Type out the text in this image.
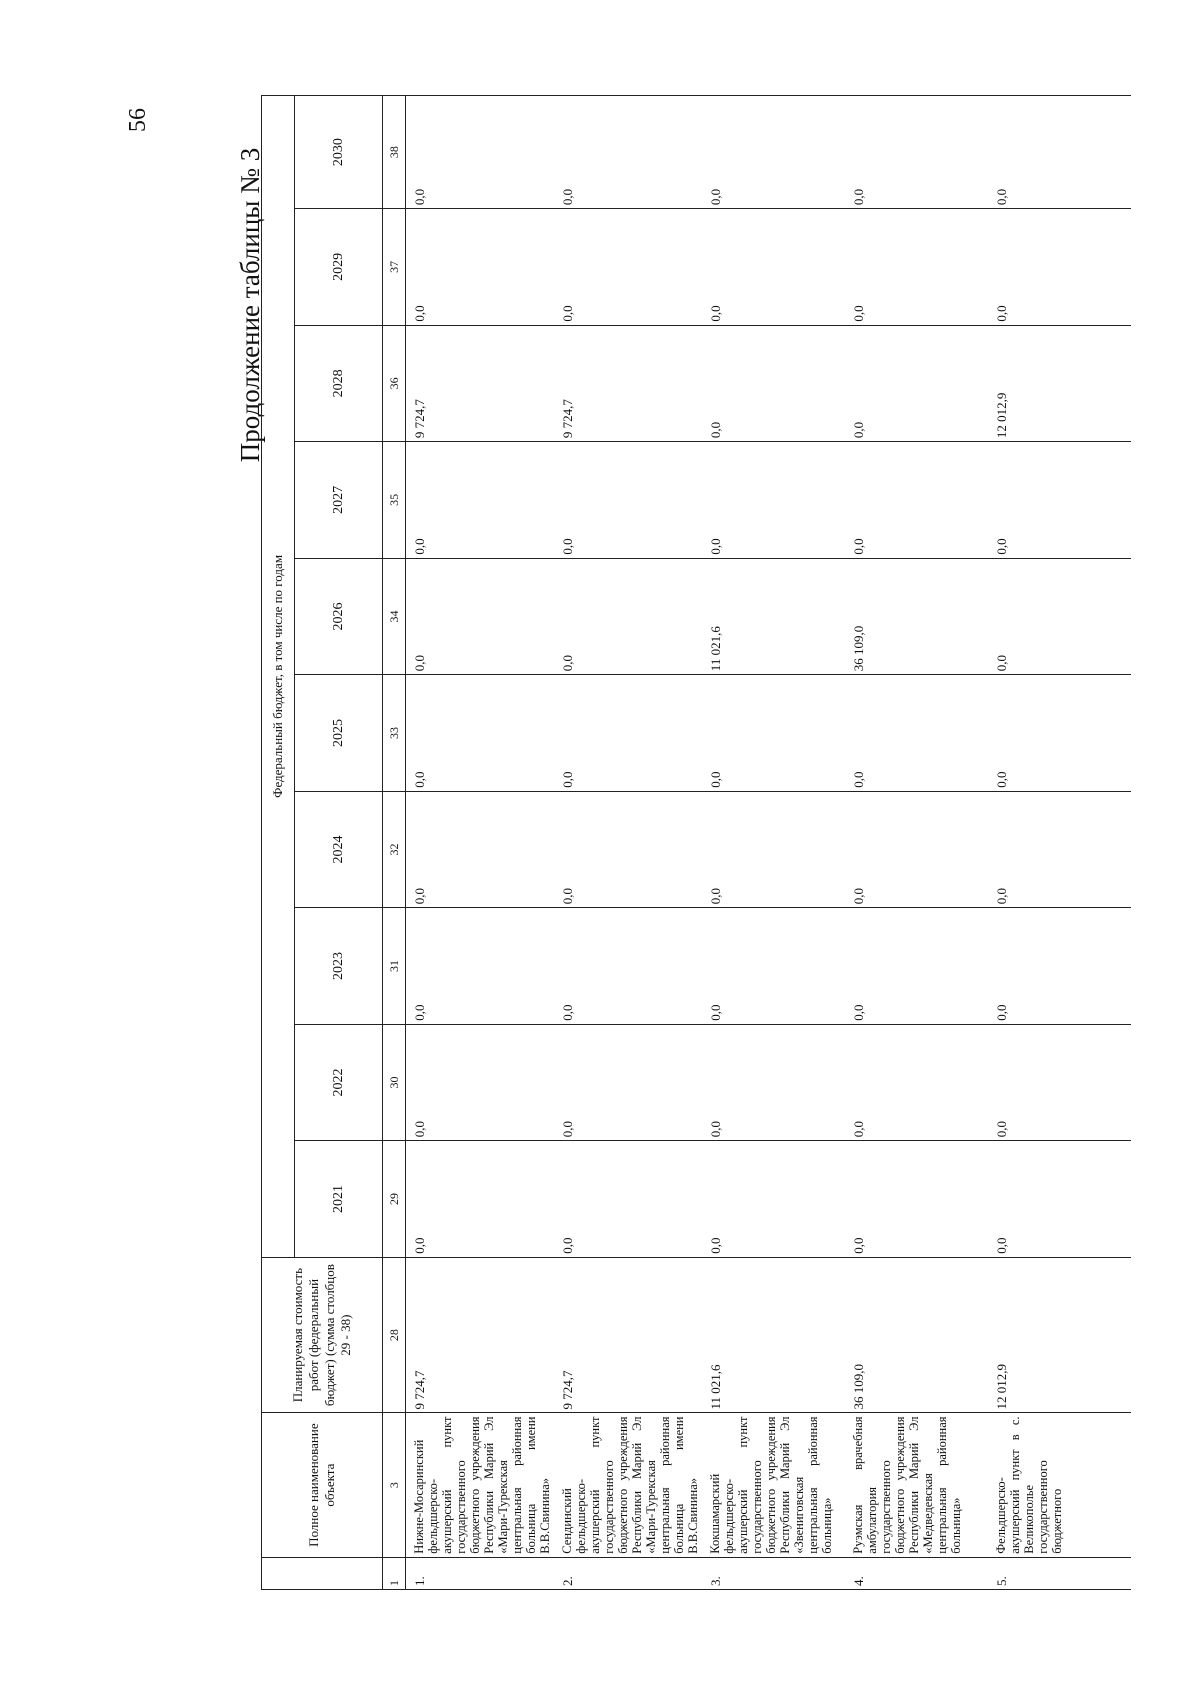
56
Продолжение таблицы № 3
	Полное наименование объекта	Планируемая стоимость работ (федеральный бюджет) (сумма столбцов 29 - 38)	Федеральный бюджет, в том числе по годам									
			2021	2022	2023	2024	2025	2026	2027	2028	2029	2030
1	3	28	29	30	31	32	33	34	35	36	37	38
1.	Нижне-Мосаринский фельдшерско-акушерский пункт государственного бюджетного учреждения Республики Марий Эл «Мари-Турекская центральная районная больница имени В.В.Свинина»	9 724,7	0,0	0,0	0,0	0,0	0,0	0,0	0,0	9 724,7	0,0	0,0
2.	Сендинский фельдшерско-акушерский пункт государственного бюджетного учреждения Республики Марий Эл «Мари-Турекская центральная районная больница имени В.В.Свинина»	9 724,7	0,0	0,0	0,0	0,0	0,0	0,0	0,0	9 724,7	0,0	0,0
3.	Кокшамарский фельдшерско-акушерский пункт государственного бюджетного учреждения Республики Марий Эл «Звениговская центральная районная больница»	11 021,6	0,0	0,0	0,0	0,0	0,0	11 021,6	0,0	0,0	0,0	0,0
4.	Руэмская врачебная амбулатория государственного бюджетного учреждения Республики Марий Эл «Медведевская центральная районная больница»	36 109,0	0,0	0,0	0,0	0,0	0,0	36 109,0	0,0	0,0	0,0	0,0
5.	Фельдшерско-акушерский пункт в с. Великополье государственного бюджетного	12 012,9	0,0	0,0	0,0	0,0	0,0	0,0	0,0	12 012,9	0,0	0,0
